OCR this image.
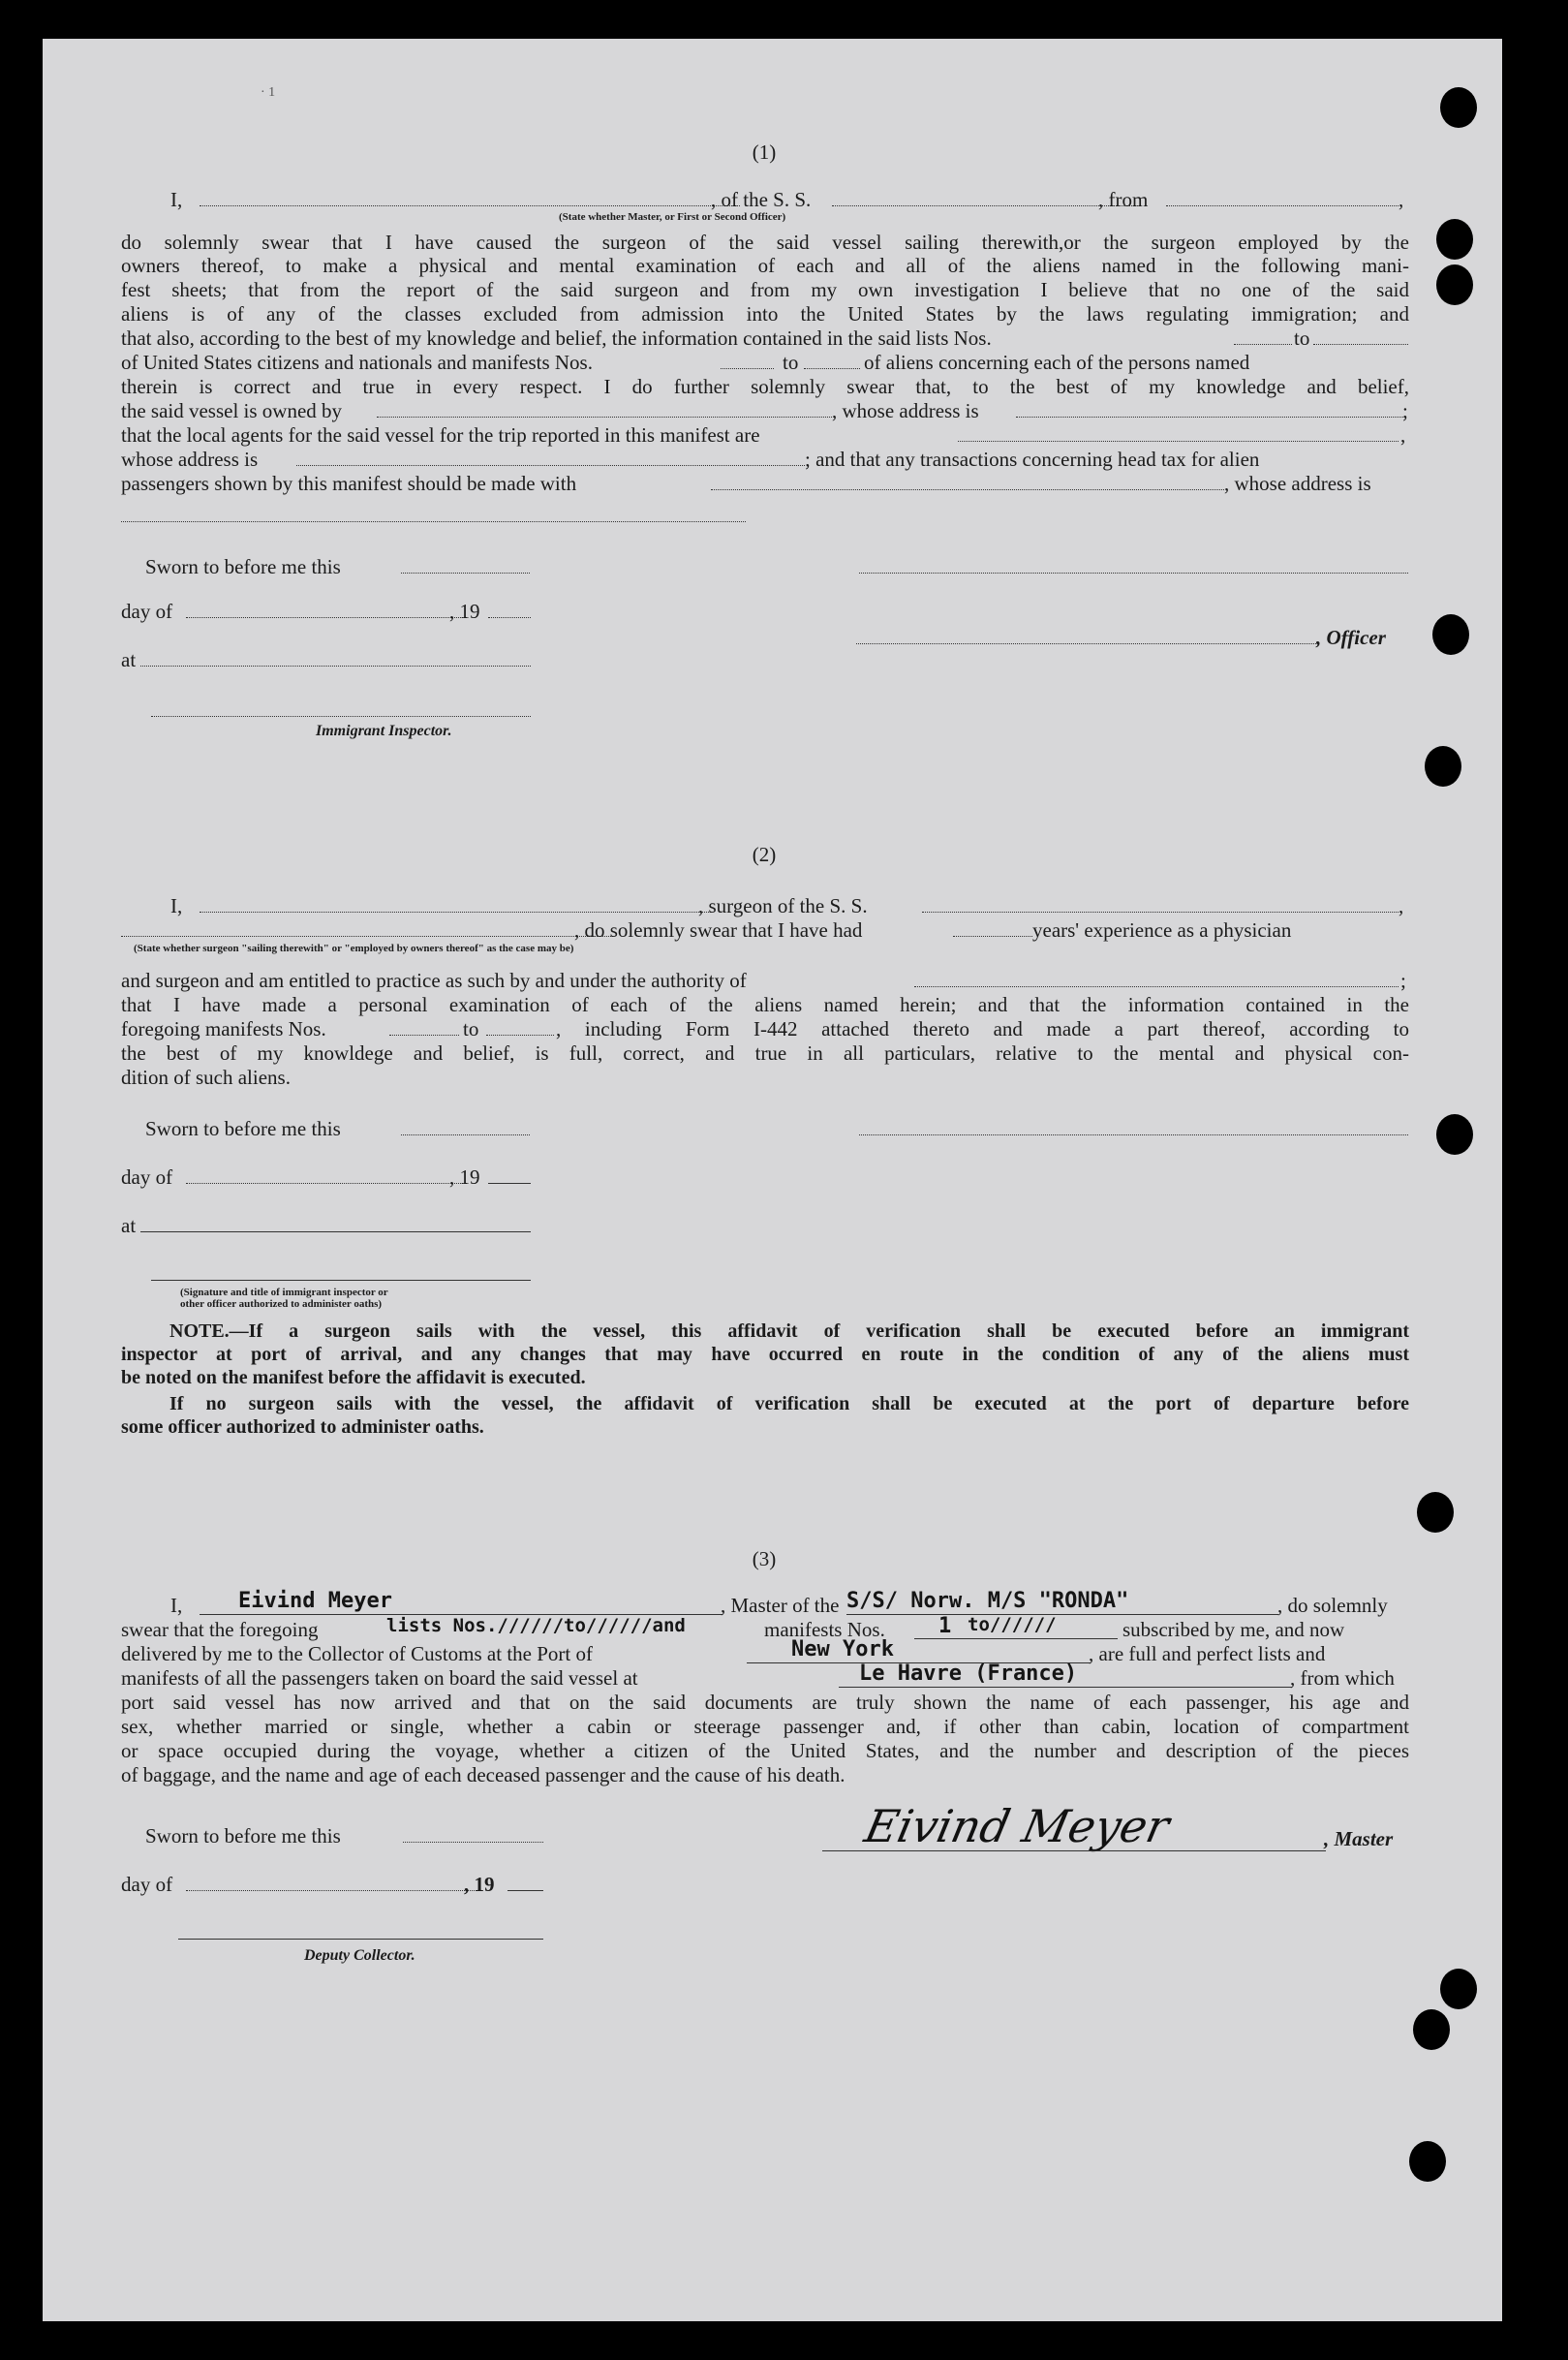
· 1
(1)
I,	, of the S. S.	, from	,
(State whether Master, or First or Second Officer)
do solemnly swear that I have caused the surgeon of the said vessel sailing therewith,or the surgeon employed by the
owners thereof, to make a physical and mental examination of each and all of the aliens named in the following mani-
fest sheets; that from the report of the said surgeon and from my own investigation I believe that no one of the said
aliens is of any of the classes excluded from admission into the United States by the laws regulating immigration; and
that also, according to the best of my knowledge and belief, the information contained in the said lists Nos.	to
of United States citizens and nationals and manifests Nos.	to	of aliens concerning each of the persons named
therein is correct and true in every respect. I do further solemnly swear that, to the best of my knowledge and belief,
the said vessel is owned by	, whose address is	;
that the local agents for the said vessel for the trip reported in this manifest are	,
whose address is	; and that any transactions concerning head tax for alien
passengers shown by this manifest should be made with	, whose address is
Sworn to before me this
day of	, 19
, Officer
at
Immigrant Inspector.
(2)
I,	, surgeon of the S. S.	,
, do solemnly swear that I have had	years' experience as a physician
(State whether surgeon "sailing therewith" or "employed by owners thereof" as the case may be)
and surgeon and am entitled to practice as such by and under the authority of	;
that I have made a personal examination of each of the aliens named herein; and that the information contained in the
foregoing manifests Nos.	to	, including Form I-442 attached thereto and made a part thereof, according to
the best of my knowldege and belief, is full, correct, and true in all particulars, relative to the mental and physical con-
dition of such aliens.
Sworn to before me this
day of	, 19
at
(Signature and title of immigrant inspector or
other officer authorized to administer oaths)
NOTE.—If a surgeon sails with the vessel, this affidavit of verification shall be executed before an immigrant
inspector at port of arrival, and any changes that may have occurred en route in the condition of any of the aliens must
be noted on the manifest before the affidavit is executed.
If no surgeon sails with the vessel, the affidavit of verification shall be executed at the port of departure before
some officer authorized to administer oaths.
(3)
I,	Eivind Meyer	, Master of the S/S/ Norw. M/S "RONDA"	, do solemnly
swear that the foregoing	lists Nos.//////to//////and	manifests Nos.	1 to//////	subscribed by me, and now
delivered by me to the Collector of Customs at the Port of	New York	, are full and perfect lists and
manifests of all the passengers taken on board the said vessel at	Le Havre (France)	, from which
port said vessel has now arrived and that on the said documents are truly shown the name of each passenger, his age and
sex, whether married or single, whether a cabin or steerage passenger and, if other than cabin, location of compartment
or space occupied during the voyage, whether a citizen of the United States, and the number and description of the pieces
of baggage, and the name and age of each deceased passenger and the cause of his death.
Sworn to before me this	Eivind Meyer	, Master
day of	, 19
Deputy Collector.
